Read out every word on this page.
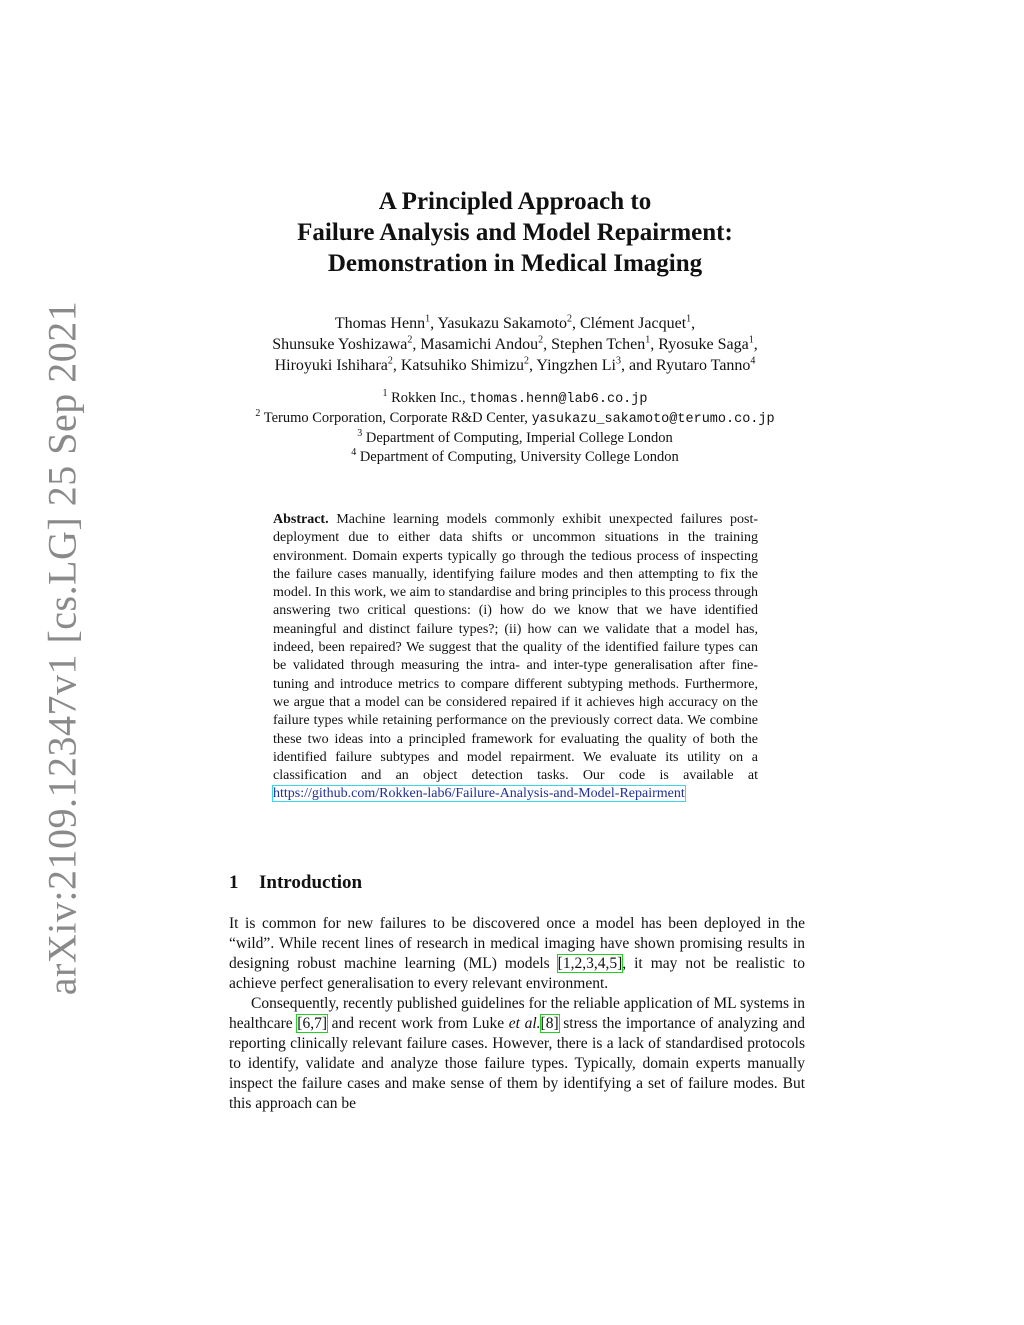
arXiv:2109.12347v1 [cs.LG] 25 Sep 2021
A Principled Approach to
Failure Analysis and Model Repairment:
Demonstration in Medical Imaging
Thomas Henn$^1$, Yasukazu Sakamoto$^2$, Clément Jacquet$^1$,
Shunsuke Yoshizawa$^2$, Masamichi Andou$^2$, Stephen Tchen$^1$, Ryosuke Saga$^1$,
Hiroyuki Ishihara$^2$, Katsuhiko Shimizu$^2$, Yingzhen Li$^3$, and Ryutaro Tanno$^4$
$^1$ Rokken Inc., thomas.henn@lab6.co.jp
$^2$ Terumo Corporation, Corporate R&D Center, yasukazu_sakamoto@terumo.co.jp
$^3$ Department of Computing, Imperial College London
$^4$ Department of Computing, University College London
Abstract. Machine learning models commonly exhibit unexpected failures post-deployment due to either data shifts or uncommon situations in the training environment. Domain experts typically go through the tedious process of inspecting the failure cases manually, identifying failure modes and then attempting to fix the model. In this work, we aim to standardise and bring principles to this process through answering two critical questions: (i) how do we know that we have identified meaningful and distinct failure types?; (ii) how can we validate that a model has, indeed, been repaired? We suggest that the quality of the identified failure types can be validated through measuring the intra- and inter-type generalisation after fine-tuning and introduce metrics to compare different subtyping methods. Furthermore, we argue that a model can be considered repaired if it achieves high accuracy on the failure types while retaining performance on the previously correct data. We combine these two ideas into a principled framework for evaluating the quality of both the identified failure subtypes and model repairment. We evaluate its utility on a classification and an object detection tasks. Our code is available at https://github.com/Rokken-lab6/Failure-Analysis-and-Model-Repairment
1 Introduction

It is common for new failures to be discovered once a model has been deployed in the “wild”. While recent lines of research in medical imaging have shown promising results in designing robust machine learning (ML) models [1,2,3,4,5], it may not be realistic to achieve perfect generalisation to every relevant environment.

Consequently, recently published guidelines for the reliable application of ML systems in healthcare [6,7] and recent work from Luke et al.[8] stress the importance of analyzing and reporting clinically relevant failure cases. However, there is a lack of standardised protocols to identify, validate and analyze those failure types. Typically, domain experts manually inspect the failure cases and make sense of them by identifying a set of failure modes. But this approach can be
